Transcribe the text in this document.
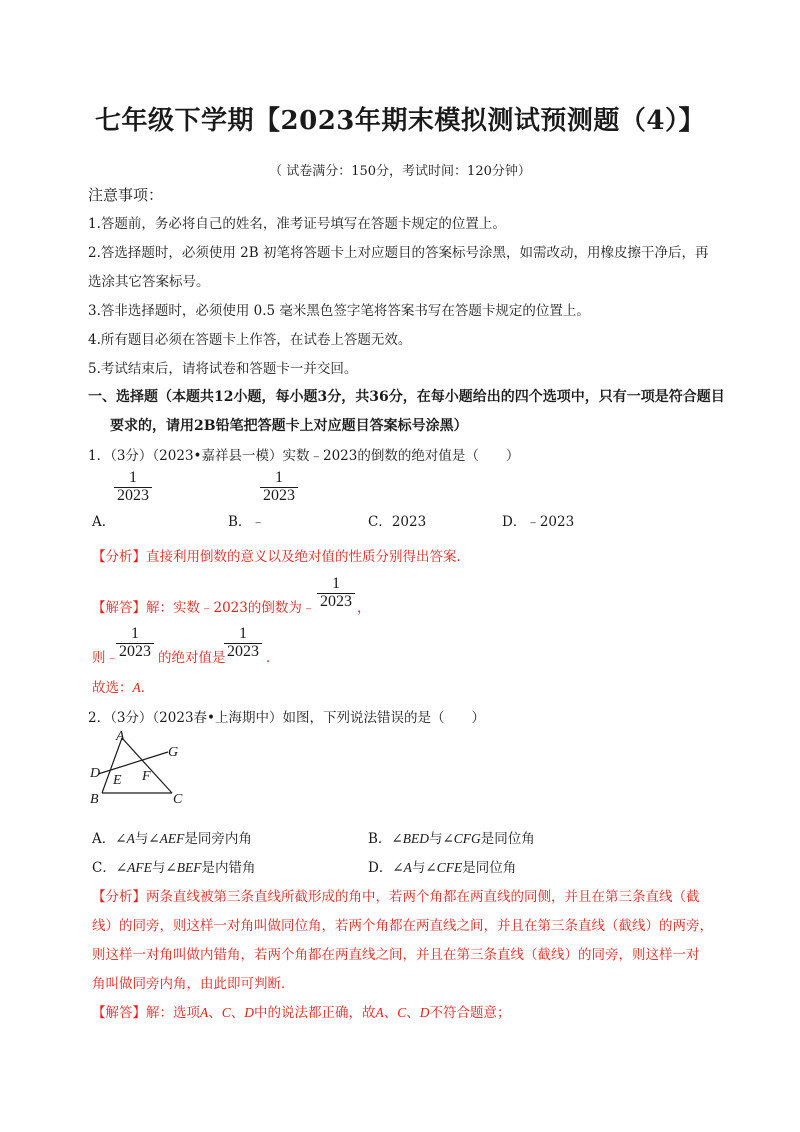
七年级下学期【2023年期末模拟测试预测题（4）】
（ 试卷满分：150分，考试时间：120分钟）
注意事项：
1.答题前，务必将自己的姓名，准考证号填写在答题卡规定的位置上。
2.答选择题时，必须使用 2B 初笔将答题卡上对应题目的答案标号涂黑，如需改动，用橡皮擦干净后，再
选涂其它答案标号。
3.答非选择题时，必须使用 0.5 毫米黑色签字笔将答案书写在答题卡规定的位置上。
4.所有题目必须在答题卡上作答，在试卷上答题无效。
5.考试结束后，请将试卷和答题卡一并交回。
一、选择题（本题共12小题，每小题3分，共36分，在每小题给出的四个选项中，只有一项是符合题目
要求的，请用2B铅笔把答题卡上对应题目答案标号涂黑）
1．（3分）（2023•嘉祥县一模）实数﹣2023的倒数的绝对值是（　　）
$\frac{1}{2023}$
A．
$\frac{1}{2023}$
B．﹣	C．2023	D．﹣2023
【分析】直接利用倒数的意义以及绝对值的性质分别得出答案．
【解答】解：实数﹣2023的倒数为﹣ $\frac{1}{2023}$ ，
则﹣
$\frac{1}{2023}$ 的绝对值是
$\frac{1}{2023}$ ．
故选：A．
2．（3分）（2023春•上海期中）如图，下列说法错误的是（　　）
A
G
D E F
B	C
A．∠A与∠AEF是同旁内角	B．∠BED与∠CFG是同位角
C．∠AFE与∠BEF是内错角	D．∠A与∠CFE是同位角
【分析】两条直线被第三条直线所截形成的角中，若两个角都在两直线的同侧，并且在第三条直线（截
线）的同旁，则这样一对角叫做同位角，若两个角都在两直线之间，并且在第三条直线（截线）的两旁，
则这样一对角叫做内错角，若两个角都在两直线之间，并且在第三条直线（截线）的同旁，则这样一对
角叫做同旁内角，由此即可判断．
【解答】解：选项A、C、D中的说法都正确，故A、C、D不符合题意；
